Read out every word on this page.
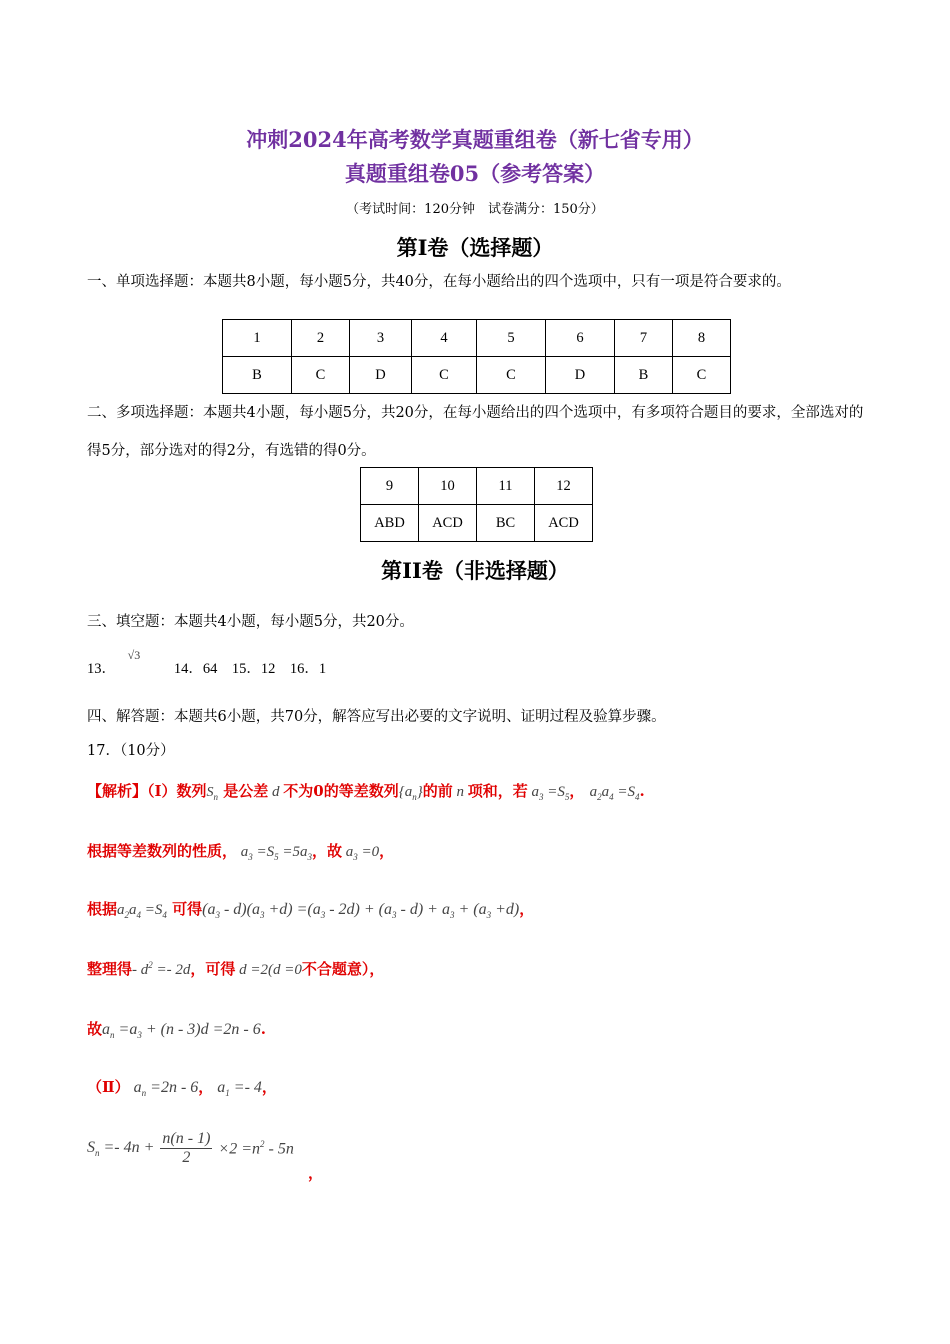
冲刺2024年高考数学真题重组卷（新七省专用）
真题重组卷05（参考答案）
（考试时间：120分钟　试卷满分：150分）
第I卷（选择题）
一、单项选择题：本题共8小题，每小题5分，共40分，在每小题给出的四个选项中，只有一项是符合要求的。
1	2	3	4	5	6	7	8
B	C	D	C	C	D	B	C
二、多项选择题：本题共4小题，每小题5分，共20分，在每小题给出的四个选项中，有多项符合题目的要求，全部选对的得5分，部分选对的得2分，有选错的得0分。
9	10	11	12
ABD	ACD	BC	ACD
第II卷（非选择题）
三、填空题：本题共4小题，每小题5分，共20分。
13． $^{√3}$ 14．64　15．12　16．1
四、解答题：本题共6小题，共70分，解答应写出必要的文字说明、证明过程及验算步骤。
17．（10分）
【解析】（Ⅰ）数列$S_n$ 是公差 d 不为0的等差数列$\{a_n\}$的前 n 项和，若 $a_3 =S_5$， $a_2a_4 =S_4$.
根据等差数列的性质， $a_3 =S_5 =5a_3$，故 $a_3 =0$，
根据$a_2a_4 =S_4$ 可得$(a_3 - d)(a_3 +d) =(a_3 - 2d) + (a_3 - d) + a_3 + (a_3 +d)$，
整理得- $d^2 =- 2d$，可得 d =2(d =0不合题意），
故$a_n =a_3 + (n - 3)d =2n - 6$.
（Ⅱ） $a_n =2n - 6$， $a_1 =- 4$，
$S_n =- 4n + \frac{n(n - 1)}{2} \times 2 =n^2 - 5n$
，
